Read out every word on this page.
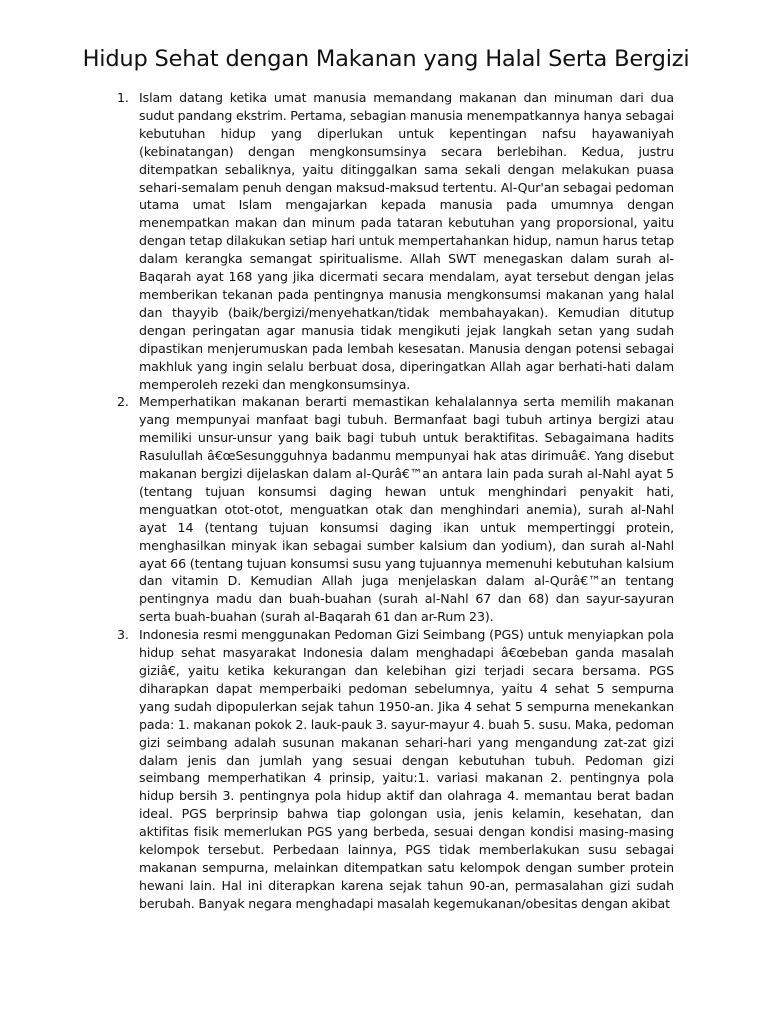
Hidup Sehat dengan Makanan yang Halal Serta Bergizi
1. Islam datang ketika umat manusia memandang makanan dan minuman dari dua sudut pandang ekstrim. Pertama, sebagian manusia menempatkannya hanya sebagai kebutuhan hidup yang diperlukan untuk kepentingan nafsu hayawaniyah (kebinatangan) dengan mengkonsumsinya secara berlebihan. Kedua, justru ditempatkan sebaliknya, yaitu ditinggalkan sama sekali dengan melakukan puasa sehari-semalam penuh dengan maksud-maksud tertentu. Al-Qur'an sebagai pedoman utama umat Islam mengajarkan kepada manusia pada umumnya dengan menempatkan makan dan minum pada tataran kebutuhan yang proporsional, yaitu dengan tetap dilakukan setiap hari untuk mempertahankan hidup, namun harus tetap dalam kerangka semangat spiritualisme. Allah SWT menegaskan dalam surah al-Baqarah ayat 168 yang jika dicermati secara mendalam, ayat tersebut dengan jelas memberikan tekanan pada pentingnya manusia mengkonsumsi makanan yang halal dan thayyib (baik/bergizi/menyehatkan/tidak membahayakan). Kemudian ditutup dengan peringatan agar manusia tidak mengikuti jejak langkah setan yang sudah dipastikan menjerumuskan pada lembah kesesatan. Manusia dengan potensi sebagai makhluk yang ingin selalu berbuat dosa, diperingatkan Allah agar berhati-hati dalam memperoleh rezeki dan mengkonsumsinya.
2. Memperhatikan makanan berarti memastikan kehalalannya serta memilih makanan yang mempunyai manfaat bagi tubuh. Bermanfaat bagi tubuh artinya bergizi atau memiliki unsur-unsur yang baik bagi tubuh untuk beraktifitas. Sebagaimana hadits Rasulullah â€œSesungguhnya badanmu mempunyai hak atas dirimuâ€. Yang disebut makanan bergizi dijelaskan dalam al-Qurâ€™an antara lain pada surah al-Nahl ayat 5 (tentang tujuan konsumsi daging hewan untuk menghindari penyakit hati, menguatkan otot-otot, menguatkan otak dan menghindari anemia), surah al-Nahl ayat 14 (tentang tujuan konsumsi daging ikan untuk mempertinggi protein, menghasilkan minyak ikan sebagai sumber kalsium dan yodium), dan surah al-Nahl ayat 66 (tentang tujuan konsumsi susu yang tujuannya memenuhi kebutuhan kalsium dan vitamin D. Kemudian Allah juga menjelaskan dalam al-Qurâ€™an tentang pentingnya madu dan buah-buahan (surah al-Nahl 67 dan 68) dan sayur-sayuran serta buah-buahan (surah al-Baqarah 61 dan ar-Rum 23).
3. Indonesia resmi menggunakan Pedoman Gizi Seimbang (PGS) untuk menyiapkan pola hidup sehat masyarakat Indonesia dalam menghadapi â€œbeban ganda masalah giziâ€, yaitu ketika kekurangan dan kelebihan gizi terjadi secara bersama. PGS diharapkan dapat memperbaiki pedoman sebelumnya, yaitu 4 sehat 5 sempurna yang sudah dipopulerkan sejak tahun 1950-an. Jika 4 sehat 5 sempurna menekankan pada: 1. makanan pokok 2. lauk-pauk 3. sayur-mayur 4. buah 5. susu. Maka, pedoman gizi seimbang adalah susunan makanan sehari-hari yang mengandung zat-zat gizi dalam jenis dan jumlah yang sesuai dengan kebutuhan tubuh. Pedoman gizi seimbang memperhatikan 4 prinsip, yaitu:1. variasi makanan 2. pentingnya pola hidup bersih 3. pentingnya pola hidup aktif dan olahraga 4. memantau berat badan ideal. PGS berprinsip bahwa tiap golongan usia, jenis kelamin, kesehatan, dan aktifitas fisik memerlukan PGS yang berbeda, sesuai dengan kondisi masing-masing kelompok tersebut. Perbedaan lainnya, PGS tidak memberlakukan susu sebagai makanan sempurna, melainkan ditempatkan satu kelompok dengan sumber protein hewani lain. Hal ini diterapkan karena sejak tahun 90-an, permasalahan gizi sudah berubah. Banyak negara menghadapi masalah kegemukanan/obesitas dengan akibat
